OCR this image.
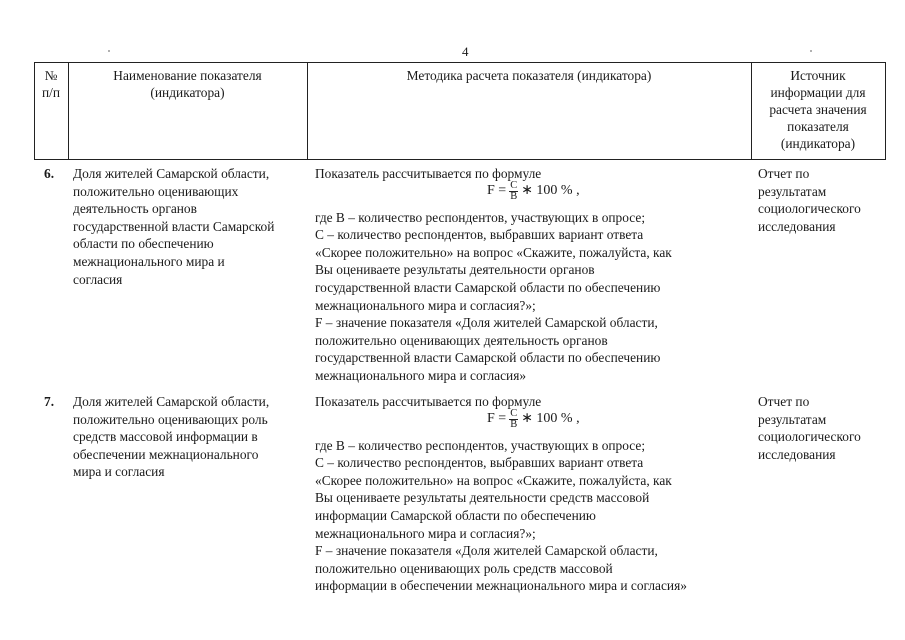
4
№
п/п
Наименование показателя
(индикатора)
Методика расчета показателя (индикатора)	Источник
информации для
расчета значения
показателя
(индикатора)
6. Доля жителей Самарской области,
положительно оценивающих
деятельность органов
государственной власти Самарской
области по обеспечению
межнационального мира и
согласия
Показатель рассчитывается по формуле
$F = \frac{C}{B}$ ∗ 100 % ,
где B – количество респондентов, участвующих в опросе;
C – количество респондентов, выбравших вариант ответа
«Скорее положительно» на вопрос «Скажите, пожалуйста, как
Вы оцениваете результаты деятельности органов
государственной власти Самарской области по обеспечению
межнационального мира и согласия?»;
F – значение показателя «Доля жителей Самарской области,
положительно оценивающих деятельность органов
государственной власти Самарской области по обеспечению
межнационального мира и согласия»
Отчет по
результатам
социологического
исследования
7. Доля жителей Самарской области,
положительно оценивающих роль
средств массовой информации в
обеспечении межнационального
мира и согласия
Показатель рассчитывается по формуле
$F = \frac{C}{B}$ ∗ 100 % ,
где B – количество респондентов, участвующих в опросе;
C – количество респондентов, выбравших вариант ответа
«Скорее положительно» на вопрос «Скажите, пожалуйста, как
Вы оцениваете результаты деятельности средств массовой
информации Самарской области по обеспечению
межнационального мира и согласия?»;
F – значение показателя «Доля жителей Самарской области,
положительно оценивающих роль средств массовой
информации в обеспечении межнационального мира и согласия»
Отчет по
результатам
социологического
исследования
